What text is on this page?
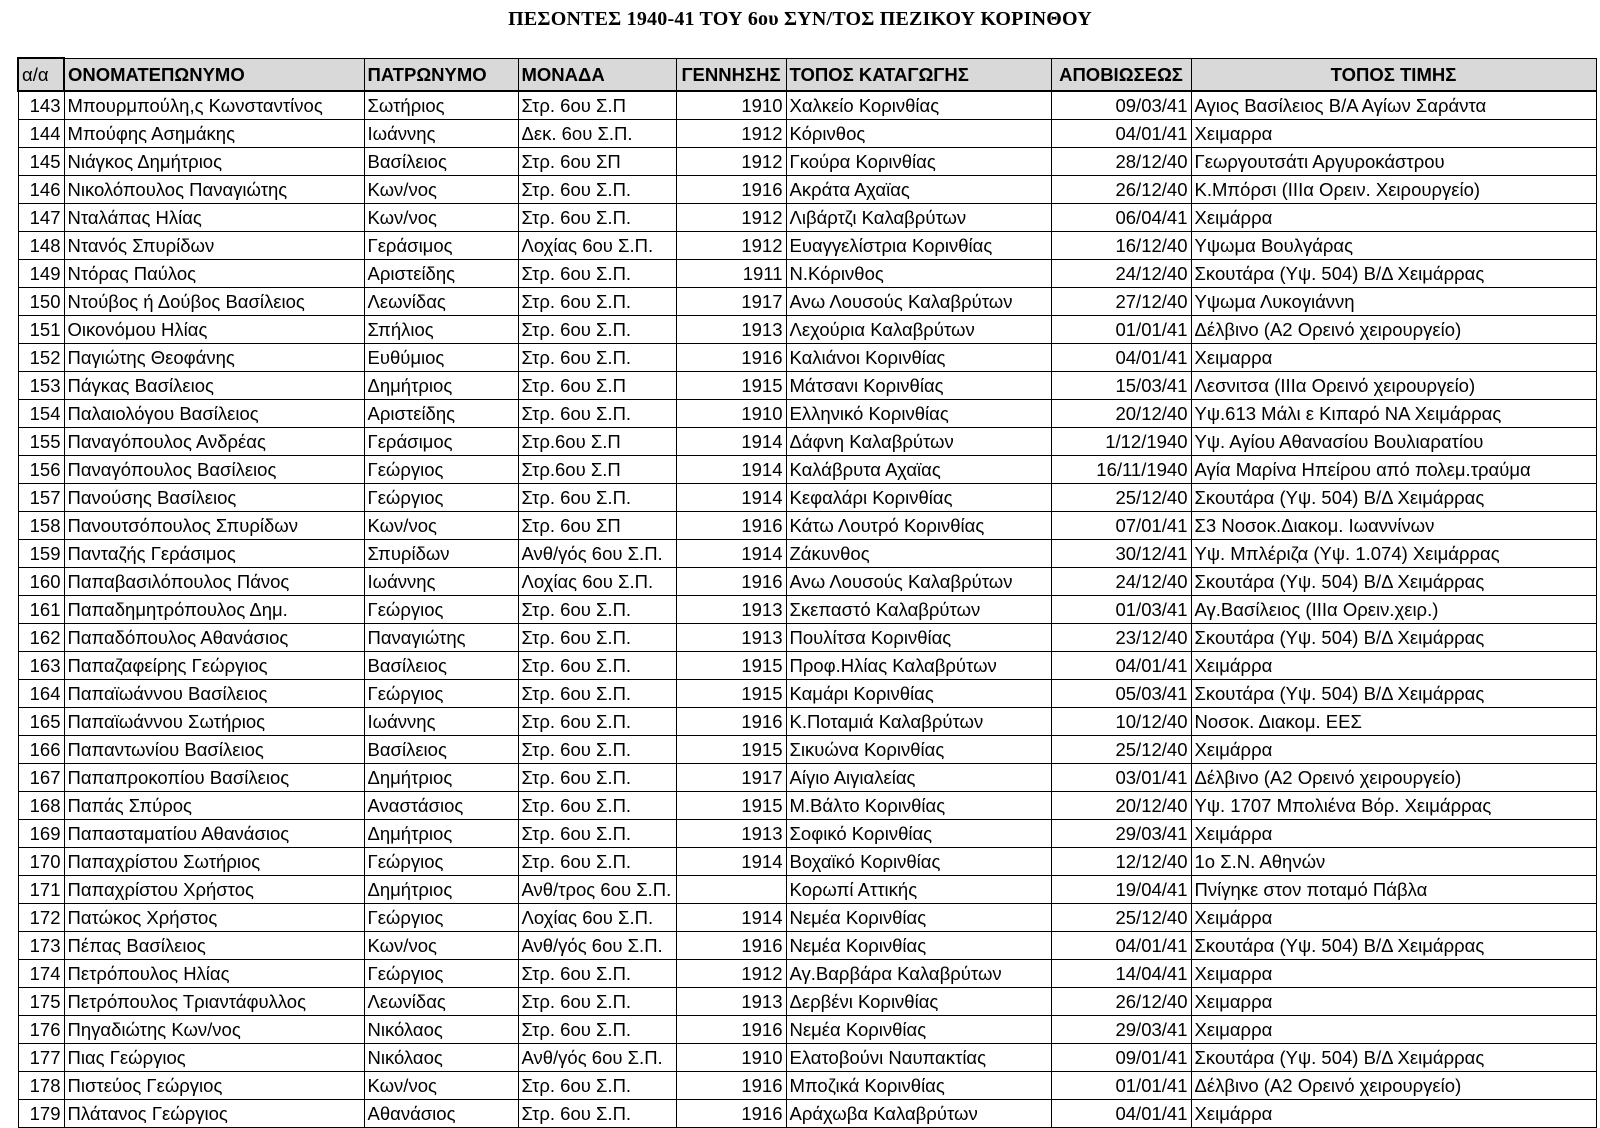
ΠΕΣΟΝΤΕΣ 1940-41 ΤΟΥ 6ου ΣΥΝ/ΤΟΣ ΠΕΖΙΚΟΥ ΚΟΡΙΝΘΟΥ
α/α	ΟΝΟΜΑΤΕΠΩΝΥΜΟ	ΠΑΤΡΩΝΥΜΟ	ΜΟΝΑΔΑ	ΓΕΝΝΗΣΗΣ	ΤΟΠΟΣ ΚΑΤΑΓΩΓΗΣ	ΑΠΟΒΙΩΣΕΩΣ	ΤΟΠΟΣ ΤΙΜΗΣ
143	Μπουρμπούλη,ς Κωνσταντίνος	Σωτήριος	Στρ. 6ου Σ.Π	1910	Χαλκείο Κορινθίας	09/03/41	Αγιος Βασίλειος Β/Α Αγίων Σαράντα
144	Μπούφης Ασημάκης	Ιωάννης	Δεκ. 6ου Σ.Π.	1912	Κόρινθος	04/01/41	Χειμαρρα
145	Νιάγκος Δημήτριος	Βασίλειος	Στρ. 6ου ΣΠ	1912	Γκούρα Κορινθίας	28/12/40	Γεωργουτσάτι Αργυροκάστρου
146	Νικολόπουλος Παναγιώτης	Κων/νος	Στρ. 6ου Σ.Π.	1916	Ακράτα Αχαϊας	26/12/40	Κ.Μπόρσι (ΙΙΙα Ορειν. Χειρουργείο)
147	Νταλάπας Ηλίας	Κων/νος	Στρ. 6ου Σ.Π.	1912	Λιβάρτζι Καλαβρύτων	06/04/41	Χειμάρρα
148	Ντανός Σπυρίδων	Γεράσιμος	Λοχίας 6ου Σ.Π.	1912	Ευαγγελίστρια Κορινθίας	16/12/40	Υψωμα Βουλγάρας
149	Ντόρας Παύλος	Αριστείδης	Στρ. 6ου Σ.Π.	1911	Ν.Κόρινθος	24/12/40	Σκουτάρα (Υψ. 504) Β/Δ Χειμάρρας
150	Ντούβος ή Δούβος Βασίλειος	Λεωνίδας	Στρ. 6ου Σ.Π.	1917	Ανω Λουσούς Καλαβρύτων	27/12/40	Υψωμα Λυκογιάννη
151	Οικονόμου Ηλίας	Σπήλιος	Στρ. 6ου Σ.Π.	1913	Λεχούρια Καλαβρύτων	01/01/41	Δέλβινο (Α2 Ορεινό χειρουργείο)
152	Παγιώτης Θεοφάνης	Ευθύμιος	Στρ. 6ου Σ.Π.	1916	Καλιάνοι Κορινθίας	04/01/41	Χειμαρρα
153	Πάγκας Βασίλειος	Δημήτριος	Στρ. 6ου Σ.Π	1915	Μάτσανι Κορινθίας	15/03/41	Λεσνιτσα (ΙΙΙα Ορεινό χειρουργείο)
154	Παλαιολόγου Βασίλειος	Αριστείδης	Στρ. 6ου Σ.Π.	1910	Ελληνικό Κορινθίας	20/12/40	Υψ.613 Μάλι ε Κιπαρό ΝΑ Χειμάρρας
155	Παναγόπουλος Ανδρέας	Γεράσιμος	Στρ.6ου Σ.Π	1914	Δάφνη Καλαβρύτων	1/12/1940	Υψ. Αγίου Αθανασίου Βουλιαρατίου
156	Παναγόπουλος Βασίλειος	Γεώργιος	Στρ.6ου Σ.Π	1914	Καλάβρυτα Αχαϊας	16/11/1940	Αγία Μαρίνα Ηπείρου από πολεμ.τραύμα
157	Πανούσης Βασίλειος	Γεώργιος	Στρ. 6ου Σ.Π.	1914	Κεφαλάρι Κορινθίας	25/12/40	Σκουτάρα (Υψ. 504) Β/Δ Χειμάρρας
158	Πανουτσόπουλος Σπυρίδων	Κων/νος	Στρ. 6ου ΣΠ	1916	Κάτω Λουτρό Κορινθίας	07/01/41	Σ3 Νοσοκ.Διακομ. Ιωαννίνων
159	Πανταζής Γεράσιμος	Σπυρίδων	Ανθ/γός 6ου Σ.Π.	1914	Ζάκυνθος	30/12/41	Υψ. Μπλέριζα (Υψ. 1.074) Χειμάρρας
160	Παπαβασιλόπουλος Πάνος	Ιωάννης	Λοχίας 6ου Σ.Π.	1916	Ανω Λουσούς Καλαβρύτων	24/12/40	Σκουτάρα (Υψ. 504) Β/Δ Χειμάρρας
161	Παπαδημητρόπουλος Δημ.	Γεώργιος	Στρ. 6ου Σ.Π.	1913	Σκεπαστό Καλαβρύτων	01/03/41	Αγ.Βασίλειος (ΙΙΙα Ορειν.χειρ.)
162	Παπαδόπουλος Αθανάσιος	Παναγιώτης	Στρ. 6ου Σ.Π.	1913	Πουλίτσα Κορινθίας	23/12/40	Σκουτάρα (Υψ. 504) Β/Δ Χειμάρρας
163	Παπαζαφείρης Γεώργιος	Βασίλειος	Στρ. 6ου Σ.Π.	1915	Προφ.Ηλίας Καλαβρύτων	04/01/41	Χειμάρρα
164	Παπαϊωάννου Βασίλειος	Γεώργιος	Στρ. 6ου Σ.Π.	1915	Καμάρι Κορινθίας	05/03/41	Σκουτάρα (Υψ. 504) Β/Δ Χειμάρρας
165	Παπαϊωάννου Σωτήριος	Ιωάννης	Στρ. 6ου Σ.Π.	1916	Κ.Ποταμιά Καλαβρύτων	10/12/40	Νοσοκ. Διακομ. ΕΕΣ
166	Παπαντωνίου Βασίλειος	Βασίλειος	Στρ. 6ου Σ.Π.	1915	Σικυώνα Κορινθίας	25/12/40	Χειμάρρα
167	Παπαπροκοπίου Βασίλειος	Δημήτριος	Στρ. 6ου Σ.Π.	1917	Αίγιο Αιγιαλείας	03/01/41	Δέλβινο (Α2 Ορεινό χειρουργείο)
168	Παπάς Σπύρος	Αναστάσιος	Στρ. 6ου Σ.Π.	1915	Μ.Βάλτο Κορινθίας	20/12/40	Υψ. 1707 Μπολιένα Βόρ. Χειμάρρας
169	Παπασταματίου Αθανάσιος	Δημήτριος	Στρ. 6ου Σ.Π.	1913	Σοφικό Κορινθίας	29/03/41	Χειμάρρα
170	Παπαχρίστου Σωτήριος	Γεώργιος	Στρ. 6ου Σ.Π.	1914	Βοχαϊκό Κορινθίας	12/12/40	1ο Σ.Ν. Αθηνών
171	Παπαχρίστου Χρήστος	Δημήτριος	Ανθ/τρος 6ου Σ.Π.		Κορωπί Αττικής	19/04/41	Πνίγηκε στον ποταμό Πάβλα
172	Πατώκος Χρήστος	Γεώργιος	Λοχίας 6ου Σ.Π.	1914	Νεμέα Κορινθίας	25/12/40	Χειμάρρα
173	Πέπας Βασίλειος	Κων/νος	Ανθ/γός 6ου Σ.Π.	1916	Νεμέα Κορινθίας	04/01/41	Σκουτάρα (Υψ. 504) Β/Δ Χειμάρρας
174	Πετρόπουλος Ηλίας	Γεώργιος	Στρ. 6ου Σ.Π.	1912	Αγ.Βαρβάρα Καλαβρύτων	14/04/41	Χειμαρρα
175	Πετρόπουλος Τριαντάφυλλος	Λεωνίδας	Στρ. 6ου Σ.Π.	1913	Δερβένι Κορινθίας	26/12/40	Χειμαρρα
176	Πηγαδιώτης Κων/νος	Νικόλαος	Στρ. 6ου Σ.Π.	1916	Νεμέα Κορινθίας	29/03/41	Χειμαρρα
177	Πιας Γεώργιος	Νικόλαος	Ανθ/γός 6ου Σ.Π.	1910	Ελατοβούνι Ναυπακτίας	09/01/41	Σκουτάρα (Υψ. 504) Β/Δ Χειμάρρας
178	Πιστεύος Γεώργιος	Κων/νος	Στρ. 6ου Σ.Π.	1916	Μποζικά Κορινθίας	01/01/41	Δέλβινο (Α2 Ορεινό χειρουργείο)
179	Πλάτανος Γεώργιος	Αθανάσιος	Στρ. 6ου Σ.Π.	1916	Αράχωβα Καλαβρύτων	04/01/41	Χειμάρρα
